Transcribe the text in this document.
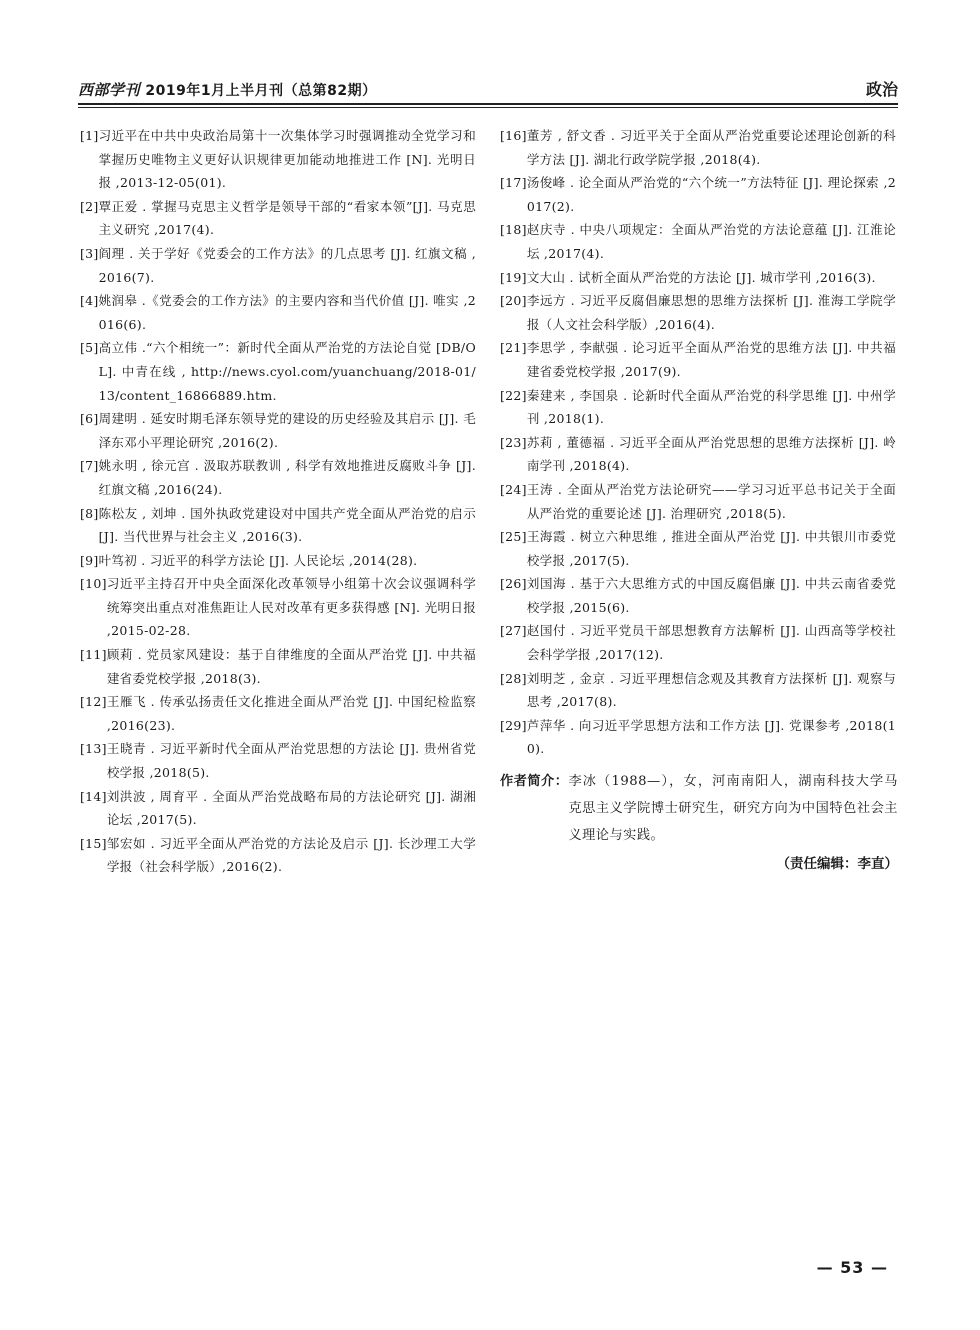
西部学刊 2019年1月上半月刊（总第82期）	政治
[1] 习近平在中共中央政治局第十一次集体学习时强调推动全党学习和掌握历史唯物主义更好认识规律更加能动地推进工作 [N]. 光明日报 ,2013-12-05(01).
[2] 覃正爱 . 掌握马克思主义哲学是领导干部的“看家本领”[J]. 马克思主义研究 ,2017(4).
[3] 阎理 . 关于学好《党委会的工作方法》的几点思考 [J]. 红旗文稿 ,2016(7).
[4] 姚润皋 .《党委会的工作方法》的主要内容和当代价值 [J]. 唯实 ,2016(6).
[5] 高立伟 .“六个相统一”：新时代全面从严治党的方法论自觉 [DB/OL]. 中青在线 , http://news.cyol.com/yuanchuang/2018-01/13/content_16866889.htm.
[6] 周建明 . 延安时期毛泽东领导党的建设的历史经验及其启示 [J]. 毛泽东邓小平理论研究 ,2016(2).
[7] 姚永明 , 徐元宫 . 汲取苏联教训 , 科学有效地推进反腐败斗争 [J]. 红旗文稿 ,2016(24).
[8] 陈松友 , 刘坤 . 国外执政党建设对中国共产党全面从严治党的启示 [J]. 当代世界与社会主义 ,2016(3).
[9] 叶笃初 . 习近平的科学方法论 [J]. 人民论坛 ,2014(28).
[10] 习近平主持召开中央全面深化改革领导小组第十次会议强调科学统筹突出重点对准焦距让人民对改革有更多获得感 [N]. 光明日报 ,2015-02-28.
[11] 顾莉 . 党员家风建设：基于自律维度的全面从严治党 [J]. 中共福建省委党校学报 ,2018(3).
[12] 王雁飞 . 传承弘扬责任文化推进全面从严治党 [J]. 中国纪检监察 ,2016(23).
[13] 王晓青 . 习近平新时代全面从严治党思想的方法论 [J]. 贵州省党校学报 ,2018(5).
[14] 刘洪波 , 周育平 . 全面从严治党战略布局的方法论研究 [J]. 湖湘论坛 ,2017(5).
[15] 邹宏如 . 习近平全面从严治党的方法论及启示 [J]. 长沙理工大学学报（社会科学版）,2016(2).
[16] 董芳 , 舒文香 . 习近平关于全面从严治党重要论述理论创新的科学方法 [J]. 湖北行政学院学报 ,2018(4).
[17] 汤俊峰 . 论全面从严治党的“六个统一”方法特征 [J]. 理论探索 ,2017(2).
[18] 赵庆寺 . 中央八项规定：全面从严治党的方法论意蕴 [J]. 江淮论坛 ,2017(4).
[19] 文大山 . 试析全面从严治党的方法论 [J]. 城市学刊 ,2016(3).
[20] 李远方 . 习近平反腐倡廉思想的思维方法探析 [J]. 淮海工学院学报（人文社会科学版）,2016(4).
[21] 李思学 , 李献强 . 论习近平全面从严治党的思维方法 [J]. 中共福建省委党校学报 ,2017(9).
[22] 秦建来 , 李国泉 . 论新时代全面从严治党的科学思维 [J]. 中州学刊 ,2018(1).
[23] 苏莉 , 董德福 . 习近平全面从严治党思想的思维方法探析 [J]. 岭南学刊 ,2018(4).
[24] 王涛 . 全面从严治党方法论研究——学习习近平总书记关于全面从严治党的重要论述 [J]. 治理研究 ,2018(5).
[25] 王海霞 . 树立六种思维 , 推进全面从严治党 [J]. 中共银川市委党校学报 ,2017(5).
[26] 刘国海 . 基于六大思维方式的中国反腐倡廉 [J]. 中共云南省委党校学报 ,2015(6).
[27] 赵国付 . 习近平党员干部思想教育方法解析 [J]. 山西高等学校社会科学学报 ,2017(12).
[28] 刘明芝 , 金京 . 习近平理想信念观及其教育方法探析 [J]. 观察与思考 ,2017(8).
[29] 芦萍华 . 向习近平学思想方法和工作方法 [J]. 党课参考 ,2018(10).
作者简介： 李冰（1988—），女，河南南阳人，湖南科技大学马克思主义学院博士研究生，研究方向为中国特色社会主义理论与实践。
（责任编辑：李直）
— 53 —
